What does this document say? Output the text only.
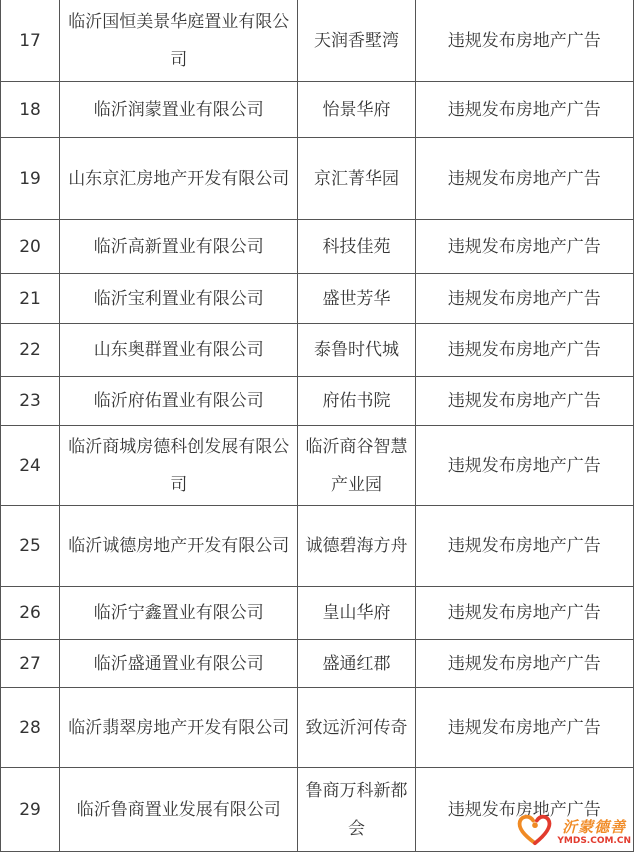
17	临沂国恒美景华庭置业有限公司	天润香墅湾	违规发布房地产广告
18	临沂润蒙置业有限公司	怡景华府	违规发布房地产广告
19	山东京汇房地产开发有限公司	京汇菁华园	违规发布房地产广告
20	临沂高新置业有限公司	科技佳苑	违规发布房地产广告
21	临沂宝利置业有限公司	盛世芳华	违规发布房地产广告
22	山东奥群置业有限公司	泰鲁时代城	违规发布房地产广告
23	临沂府佑置业有限公司	府佑书院	违规发布房地产广告
24	临沂商城房德科创发展有限公司	临沂商谷智慧产业园	违规发布房地产广告
25	临沂诚德房地产开发有限公司	诚德碧海方舟	违规发布房地产广告
26	临沂宁鑫置业有限公司	皇山华府	违规发布房地产广告
27	临沂盛通置业有限公司	盛通红郡	违规发布房地产广告
28	临沂翡翠房地产开发有限公司	致远沂河传奇	违规发布房地产广告
29	临沂鲁商置业发展有限公司	鲁商万科新都会	违规发布房地产广告
沂蒙德善
YMDS.COM.CN
